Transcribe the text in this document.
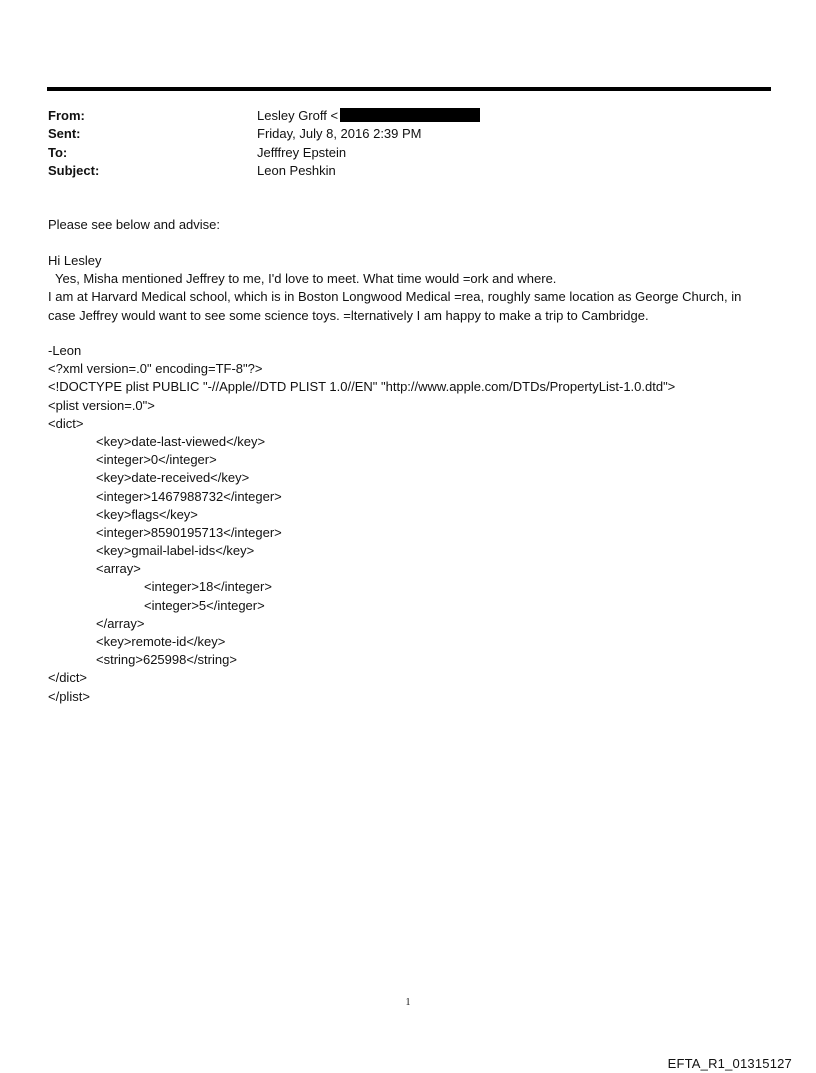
From:	Lesley Groff <
Sent:	Friday, July 8, 2016 2:39 PM
To:	Jefffrey Epstein
Subject:	Leon Peshkin
Please see below and advise:
Hi Lesley
Yes, Misha mentioned Jeffrey to me, I'd love to meet. What time would =ork and where.
I am at Harvard Medical school, which is in Boston Longwood Medical =rea, roughly same location as George Church, in case Jeffrey would want to see some science toys. =lternatively I am happy to make a trip to Cambridge.
-Leon
<?xml version=.0" encoding=TF-8"?>
<!DOCTYPE plist PUBLIC "-//Apple//DTD PLIST 1.0//EN" "http://www.apple.com/DTDs/PropertyList-1.0.dtd">
<plist version=.0">
<dict>
<key>date-last-viewed</key>
<integer>0</integer>
<key>date-received</key>
<integer>1467988732</integer>
<key>flags</key>
<integer>8590195713</integer>
<key>gmail-label-ids</key>
<array>
<integer>18</integer>
<integer>5</integer>
</array>
<key>remote-id</key>
<string>625998</string>
</dict>
</plist>
1
EFTA_R1_01315127
